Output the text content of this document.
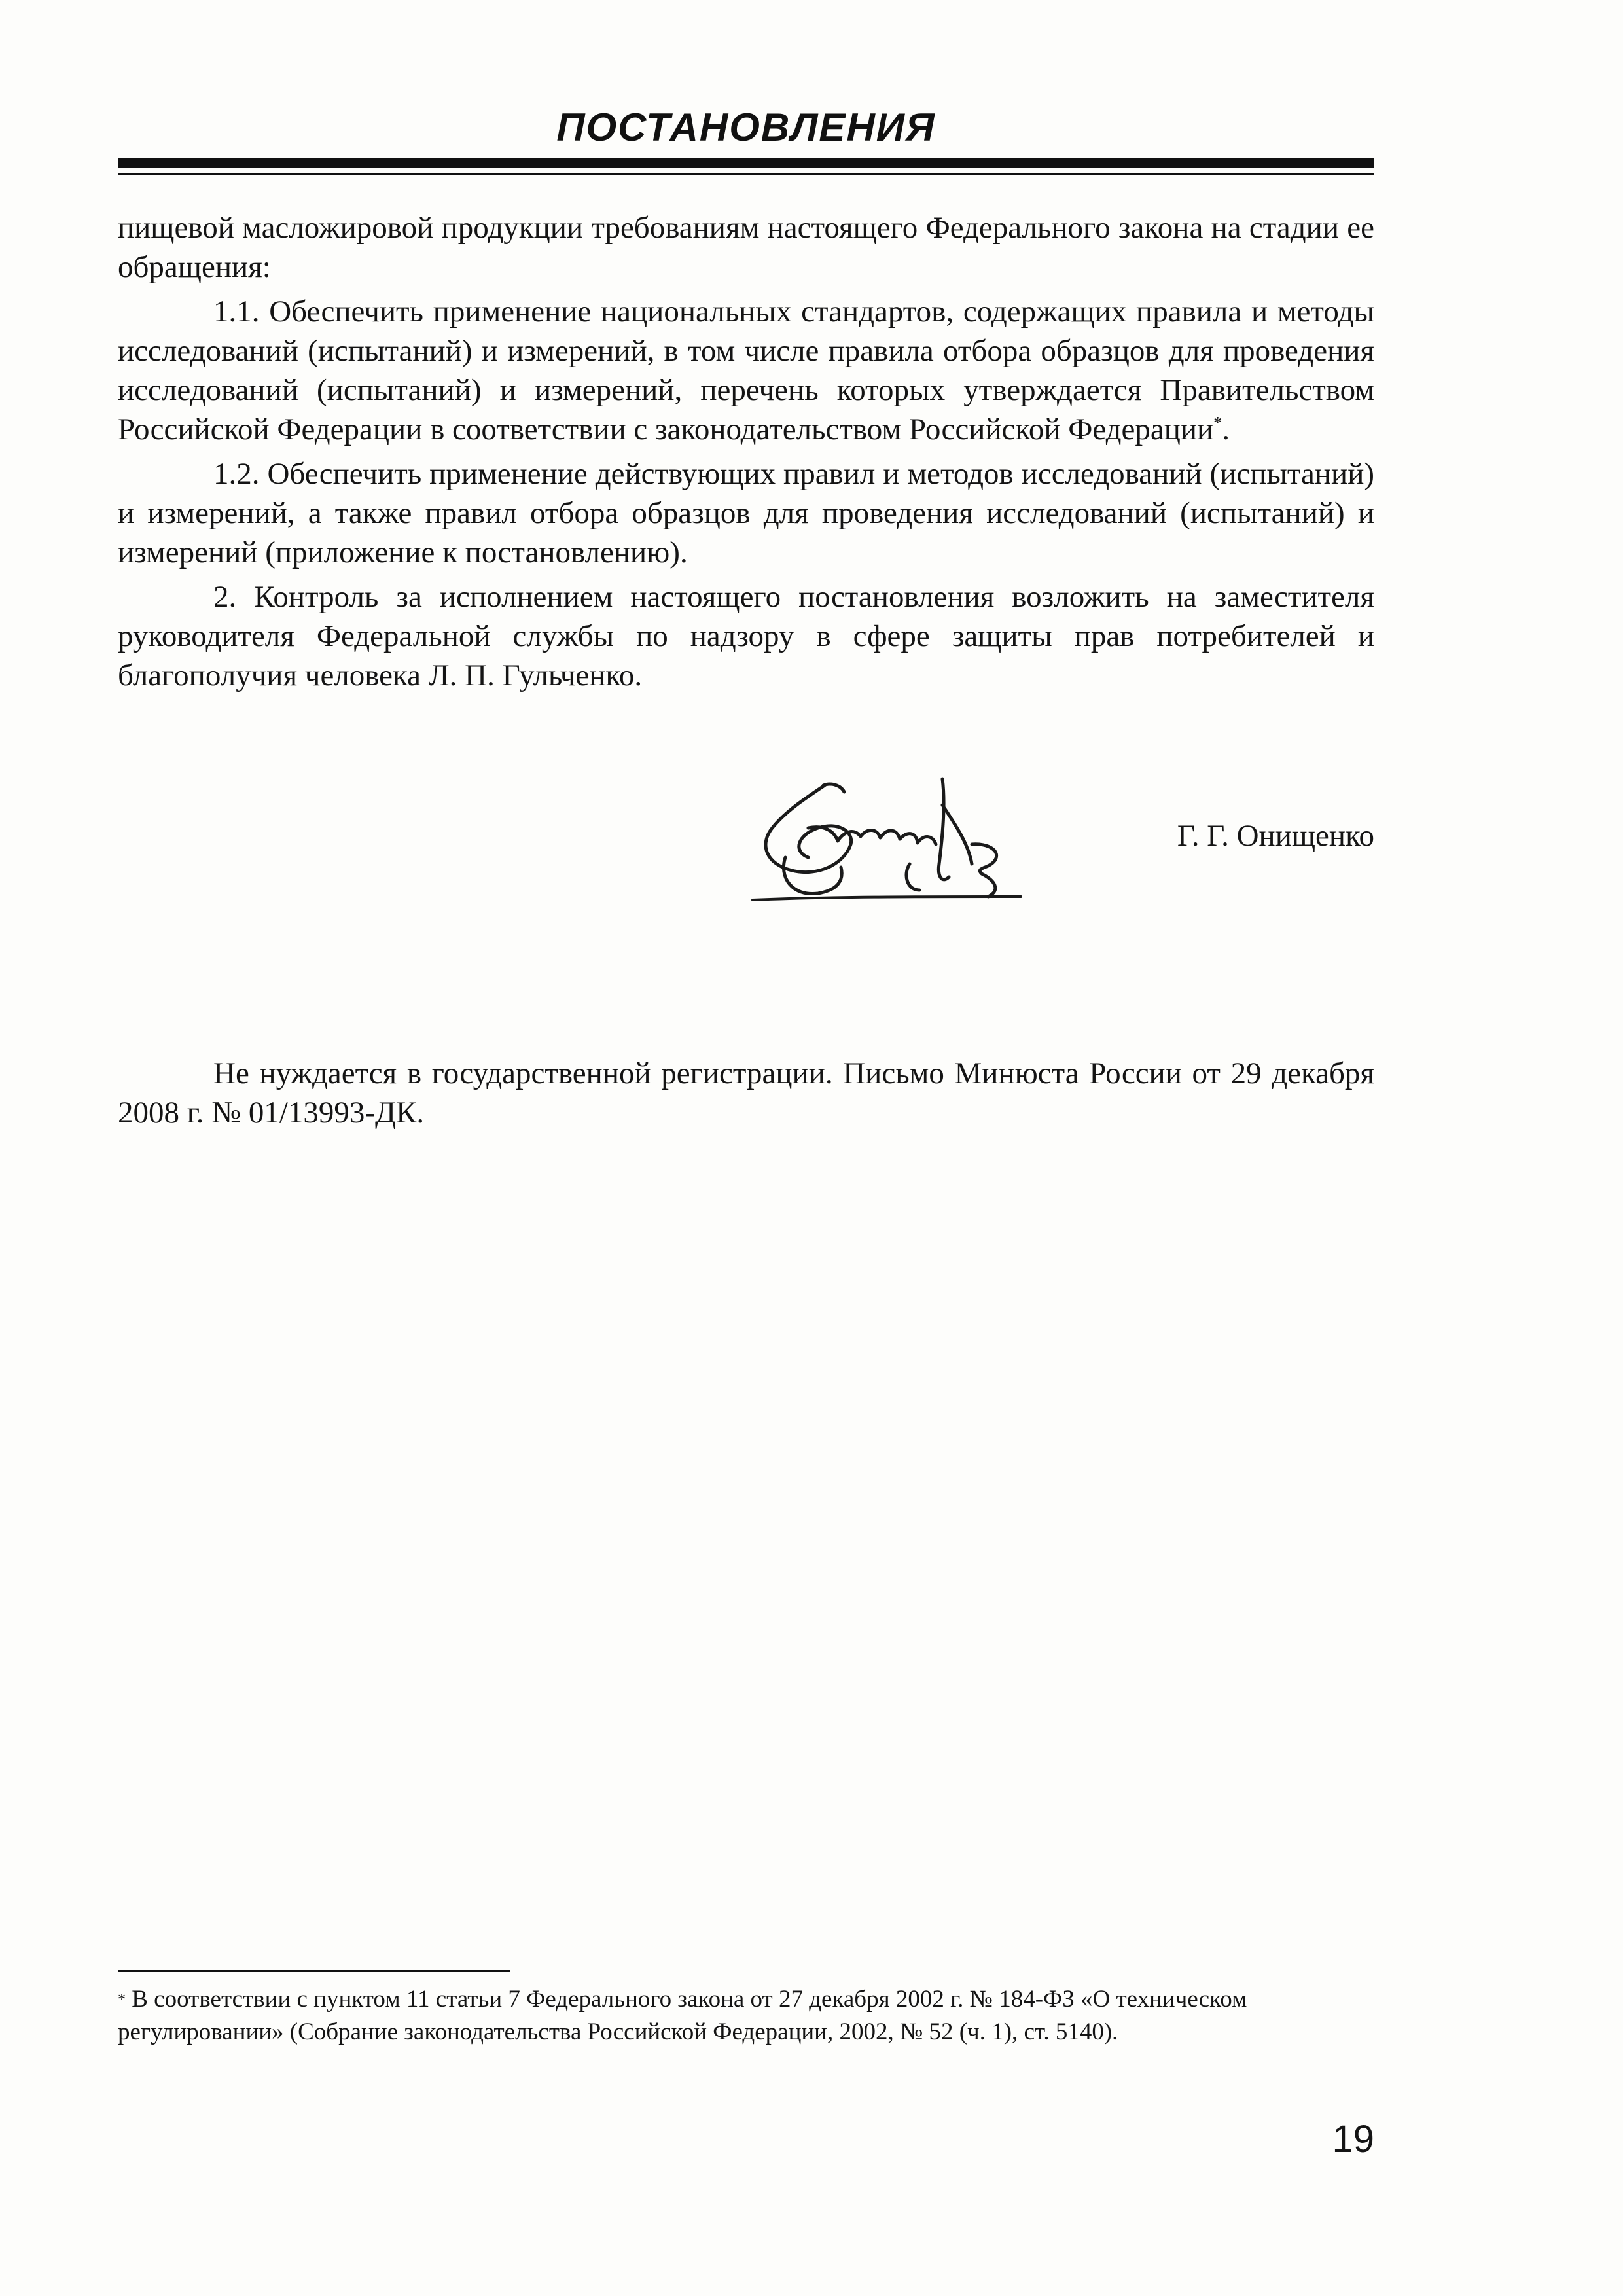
ПОСТАНОВЛЕНИЯ

пищевой масложировой продукции требованиям настоящего Федерального закона на стадии ее обращения:

1.1. Обеспечить применение национальных стандартов, содержащих правила и методы исследований (испытаний) и измерений, в том числе правила отбора образцов для проведения исследований (испытаний) и измерений, перечень которых утверждается Правительством Российской Федерации в соответствии с законодательством Российской Федерации*.

1.2. Обеспечить применение действующих правил и методов исследований (испытаний) и измерений, а также правил отбора образцов для проведения исследований (испытаний) и измерений (приложение к постановлению).

2. Контроль за исполнением настоящего постановления возложить на заместителя руководителя Федеральной службы по надзору в сфере защиты прав потребителей и благополучия человека Л. П. Гульченко.

Г. Г. Онищенко
Не нуждается в государственной регистрации. Письмо Минюста России от 29 декабря 2008 г. № 01/13993-ДК.
* В соответствии с пунктом 11 статьи 7 Федерального закона от 27 декабря 2002 г. № 184-ФЗ «О техническом регулировании» (Собрание законодательства Российской Федерации, 2002, № 52 (ч. 1), ст. 5140).
19
